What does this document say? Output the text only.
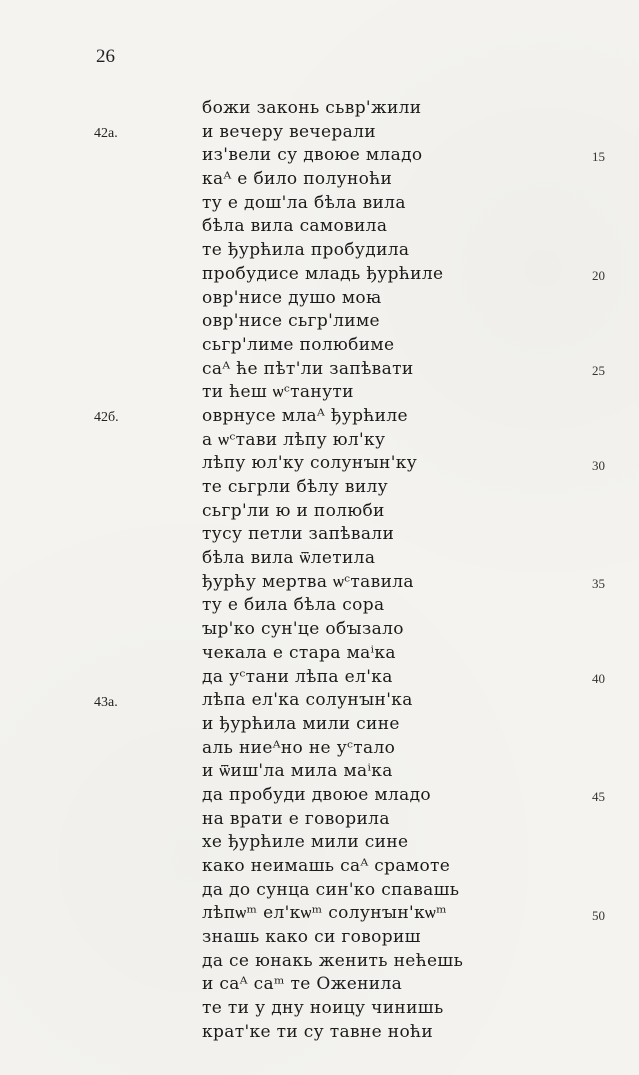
26
42а.
42б.
43а.
15
20
25
30
35
40
45
50
божи законь сьвр'жили
и вечеру вечерали
из'вели су двоюе младо
каᴬ е било полуноћи
ту е дош'ла бѣла вила
бѣла вила самовила
те ђурћила пробудила
пробудисе младь ђурћиле
овр'нисе душо моꙗ
овр'нисе сьгр'лиме
сьгр'лиме полюбиме
саᴬ ће пѣт'ли запѣвати
ти ћеш ѡᶜтанути
оврнусе млаᴬ ђурћиле
а ѡᶜтави лѣпу юл'ку
лѣпу юл'ку солунꙑн'ку
те сьгрли бѣлу вилу
сьгр'ли ю и полюби
тусу петли запѣвали
бѣла вила ѿлетила
ђурћу мертва ѡᶜтавила
ту е била бѣла сора
ꙑр'ко сун'це обꙑзало
чекала е стара маⁱка
да уᶜтани лѣпа ел'ка
лѣпа ел'ка солунꙑн'ка
и ђурћила мили сине
аль ниеᴬно не уᶜтало
и ѿиш'ла мила маⁱка
да пробуди двоюе младо
на врати е говорила
хе ђурћиле мили сине
како неимашь саᴬ срамоте
да до сунца син'ко спавашь
лѣпѡᵐ ел'кѡᵐ солунꙑн'кѡᵐ
знашь како си говориш
да се юнакь женить нећешь
и саᴬ саᵐ те Оженила
те ти у дну ноицу чинишь
крат'ке ти су тавне ноћи
